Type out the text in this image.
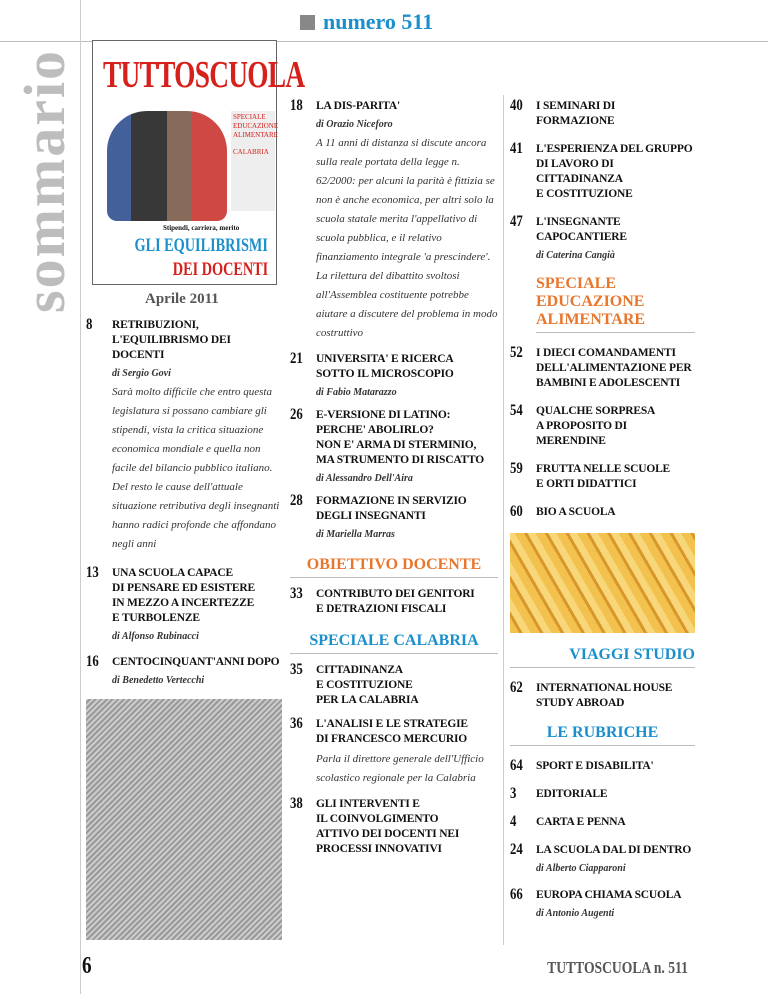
sommario TUTTOSCUOLA
SPECIALE
EDUCAZIONE ALIMENTARE
CALABRIA
Stipendi, carriera, merito
GLI EQUILIBRISMI
DEI DOCENTI
Aprile 2011
numero 511
8 RETRIBUZIONI,
L'EQUILIBRISMO DEI DOCENTI
di Sergio Govi
Sarà molto difficile che entro questa legislatura si possano cambiare gli stipendi, vista la critica situazione economica mondiale e quella non facile del bilancio pubblico italiano. Del resto le cause dell'attuale situazione retributiva degli insegnanti hanno radici profonde che affondano negli anni
13 UNA SCUOLA CAPACE
DI PENSARE ED ESISTERE
IN MEZZO A INCERTEZZE
E TURBOLENZE
di Alfonso Rubinacci
16 CENTOCINQUANT'ANNI DOPO
di Benedetto Vertecchi
18 LA DIS-PARITA'
di Orazio Niceforo
A 11 anni di distanza si discute ancora sulla reale portata della legge n. 62/2000: per alcuni la parità è fittizia se non è anche economica, per altri solo la scuola statale merita l'appellativo di scuola pubblica, e il relativo finanziamento integrale 'a prescindere'. La rilettura del dibattito svoltosi all'Assemblea costituente potrebbe aiutare a discutere del problema in modo costruttivo
21 UNIVERSITA' E RICERCA
SOTTO IL MICROSCOPIO
di Fabio Matarazzo
26 E-VERSIONE DI LATINO:
PERCHE' ABOLIRLO?
NON E' ARMA DI STERMINIO,
MA STRUMENTO DI RISCATTO
di Alessandro Dell'Aira
28 FORMAZIONE IN SERVIZIO
DEGLI INSEGNANTI
di Mariella Marras
OBIETTIVO DOCENTE
33 CONTRIBUTO DEI GENITORI
E DETRAZIONI FISCALI
SPECIALE CALABRIA
35 CITTADINANZA
E COSTITUZIONE
PER LA CALABRIA
36 L'ANALISI E LE STRATEGIE
DI FRANCESCO MERCURIO
Parla il direttore generale dell'Ufficio scolastico regionale per la Calabria
38 GLI INTERVENTI E
IL COINVOLGIMENTO
ATTIVO DEI DOCENTI NEI
PROCESSI INNOVATIVI
40 I SEMINARI DI FORMAZIONE
41 L'ESPERIENZA DEL GRUPPO
DI LAVORO DI CITTADINANZA
E COSTITUZIONE
47 L'INSEGNANTE CAPOCANTIERE
di Caterina Cangià
SPECIALE EDUCAZIONE
ALIMENTARE
52 I DIECI COMANDAMENTI
DELL'ALIMENTAZIONE PER
BAMBINI E ADOLESCENTI
54 QUALCHE SORPRESA
A PROPOSITO DI MERENDINE
59 FRUTTA NELLE SCUOLE
E ORTI DIDATTICI
60 BIO A SCUOLA
VIAGGI STUDIO
62 INTERNATIONAL HOUSE
STUDY ABROAD
LE RUBRICHE
64 SPORT E DISABILITA'
3 EDITORIALE
4 CARTA E PENNA
24 LA SCUOLA DAL DI DENTRO
di Alberto Ciapparoni
66 EUROPA CHIAMA SCUOLA
di Antonio Augenti
6	TUTTOSCUOLA n. 511
